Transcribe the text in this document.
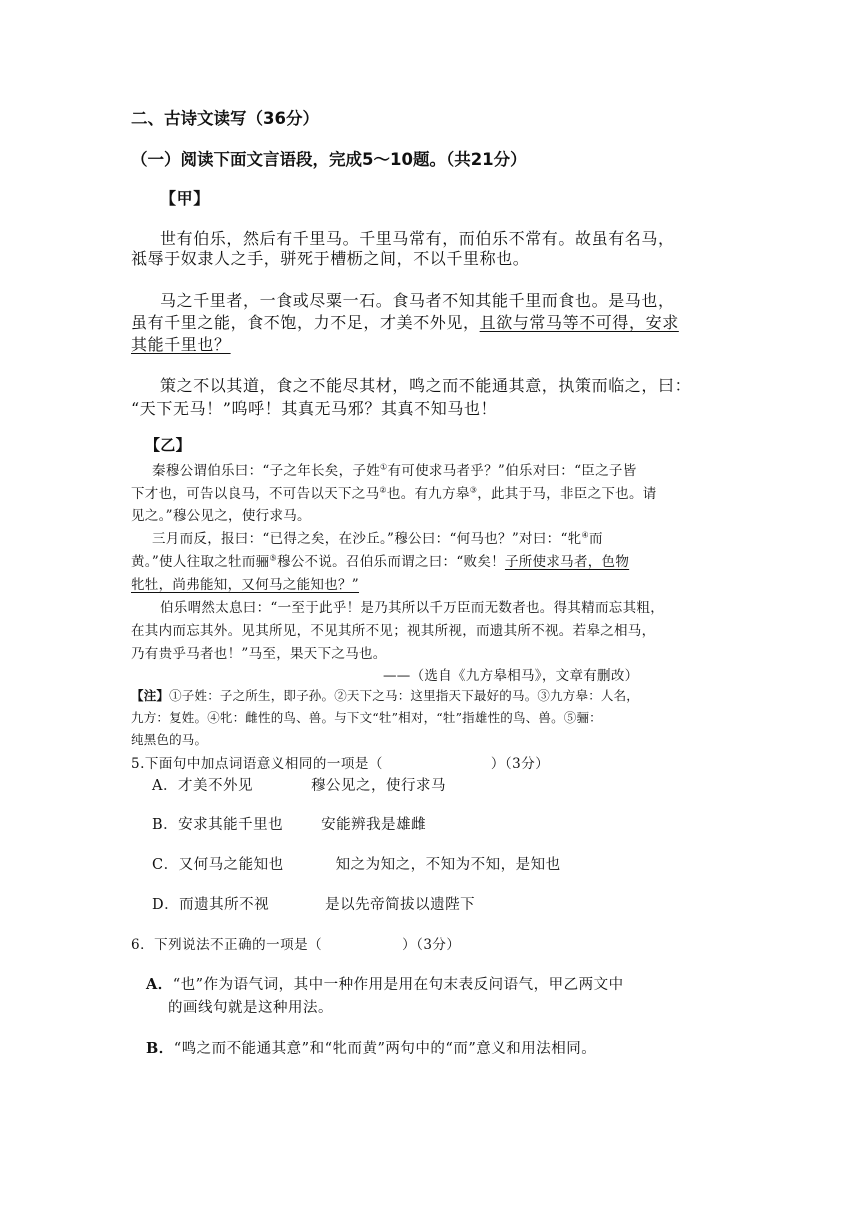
二、古诗文读写（36分）
（一）阅读下面文言语段，完成5～10题。（共21分）
【甲】
世有伯乐，然后有千里马。千里马常有，而伯乐不常有。故虽有名马，
祗辱于奴隶人之手，骈死于槽枥之间，不以千里称也。
马之千里者，一食或尽粟一石。食马者不知其能千里而食也。是马也，
虽有千里之能，食不饱，力不足，才美不外见，且欲与常马等不可得，安求
其能千里也？
策之不以其道，食之不能尽其材，鸣之而不能通其意，执策而临之，曰：
“天下无马！”呜呼！其真无马邪？其真不知马也！
【乙】
秦穆公谓伯乐曰：“子之年长矣，子姓①有可使求马者乎？”伯乐对曰：“臣之子皆
下才也，可告以良马，不可告以天下之马②也。有九方皋③，此其于马，非臣之下也。请
见之。”穆公见之，使行求马。
三月而反，报曰：“已得之矣，在沙丘。”穆公曰：“何马也？”对曰：“牝④而
黄。”使人往取之牡而骊⑤穆公不说。召伯乐而谓之曰：“败矣！子所使求马者，色物
牝牡，尚弗能知，又何马之能知也？”
伯乐喟然太息曰：“一至于此乎！是乃其所以千万臣而无数者也。得其精而忘其粗，
在其内而忘其外。见其所见，不见其所不见；视其所视，而遗其所不视。若皋之相马，
乃有贵乎马者也！”马至，果天下之马也。
——（选自《九方皋相马》，文章有删改）
【注】①子姓：子之所生，即子孙。②天下之马：这里指天下最好的马。③九方皋：人名，
九方：复姓。④牝：雌性的鸟、兽。与下文“牡”相对，“牡”指雄性的鸟、兽。⑤骊：
纯黑色的马。
5.下面句中加点词语意义相同的一项是（	）（3分）
A．才美不外见	穆公见之，使行求马
B．安求其能千里也	安能辨我是雄雌
C．又何马之能知也	知之为知之，不知为不知，是知也
D．而遗其所不视	是以先帝简拔以遗陛下
6．下列说法不正确的一项是（	）（3分）
A．“也”作为语气词，其中一种作用是用在句末表反问语气，甲乙两文中
的画线句就是这种用法。
B．“鸣之而不能通其意”和“牝而黄”两句中的“而”意义和用法相同。
